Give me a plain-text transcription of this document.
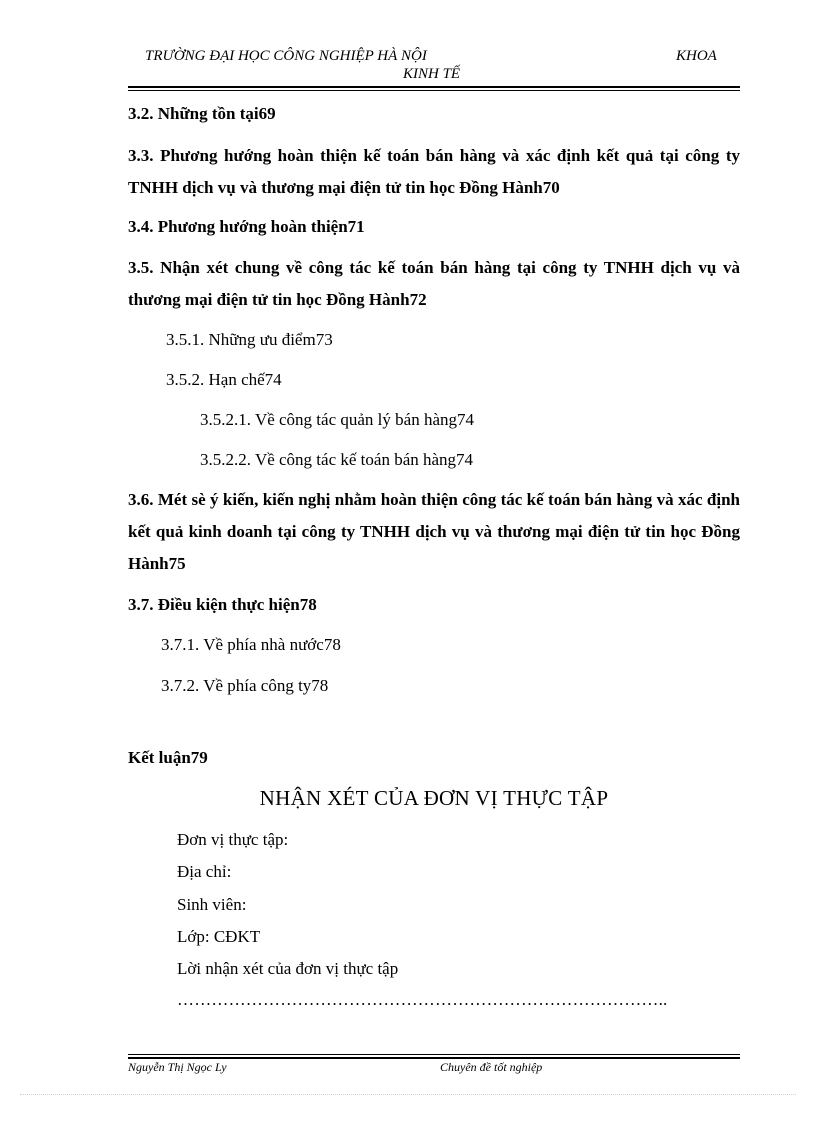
TRƯỜNG ĐẠI HỌC CÔNG NGHIỆP HÀ NỘI	KHOA
KINH TẾ
3.2. Những tồn tại69
3.3. Phương hướng hoàn thiện kế toán bán hàng và xác định kết quả tại công ty TNHH dịch vụ và thương mại điện tử tin học Đồng Hành70
3.4. Phương hướng hoàn thiện71
3.5. Nhận xét chung về công tác kế toán bán hàng tại công ty TNHH dịch vụ và thương mại điện tử tin học Đồng Hành72
3.5.1. Những ưu điểm73
3.5.2. Hạn chế74
3.5.2.1. Về công tác quản lý bán hàng74
3.5.2.2. Về công tác kế toán bán hàng74
3.6. Mét sè ý kiến, kiến nghị nhằm hoàn thiện công tác kế toán bán hàng và xác định kết quả kinh doanh tại công ty TNHH dịch vụ và thương mại điện tử tin học Đồng Hành75
3.7. Điều kiện thực hiện78
3.7.1. Về phía nhà nước78
3.7.2. Về phía công ty78
Kết luận79
NHẬN XÉT CỦA ĐƠN VỊ THỰC TẬP
Đơn vị thực tập:
Địa chỉ:
Sinh viên:
Lớp: CĐKT
Lời nhận xét của đơn vị thực tập
…………………………………………………………………………..
Nguyễn Thị Ngọc Ly	Chuyên đề tốt nghiệp
